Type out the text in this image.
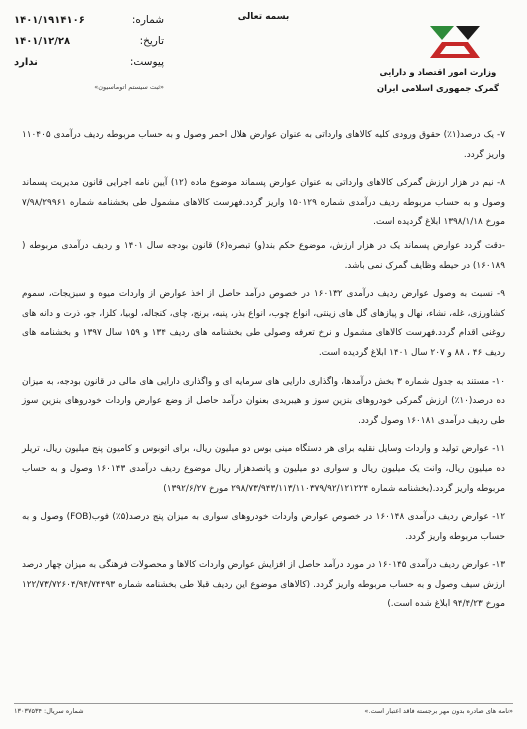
بسمه تعالی
شماره:
۱۴۰۱/۱۹۱۴۱۰۶
تاریخ:
۱۴۰۱/۱۲/۲۸
پیوست:
ندارد
«ثبت سیستم اتوماسیون»
وزارت امور اقتصاد و دارایی
گمرک جمهوری اسلامی ایران

۷- یک درصد(۱٪) حقوق ورودی کلیه کالاهای وارداتی به عنوان عوارض هلال احمر وصول و به حساب مربوطه ردیف درآمدی ۱۱۰۴۰۵ واریز گردد.

۸- نیم در هزار ارزش گمرکی کالاهای وارداتی به عنوان عوارض پسماند موضوع ماده (۱۲) آیین نامه اجرایی قانون مدیریت پسماند وصول و به حساب مربوطه ردیف درآمدی شماره ۱۵۰۱۲۹ واریز گردد.فهرست کالاهای مشمول طی بخشنامه شماره ۷/۹۸/۲۹۹۶۱ مورخ ۱۳۹۸/۱/۱۸ ابلاغ گردیده است.

-دقت گردد عوارض پسماند یک در هزار ارزش، موضوع حکم بند(و) تبصره(۶) قانون بودجه سال ۱۴۰۱ و ردیف درآمدی مربوطه ( ۱۶۰۱۸۹) در حیطه وظایف گمرک نمی باشد.

۹- نسبت به وصول عوارض ردیف درآمدی ۱۶۰۱۳۲ در خصوص درآمد حاصل از اخذ عوارض از واردات میوه و سبزیجات، سموم کشاورزی، غله، نشاء، نهال و پیازهای گل های زینتی، انواع چوب، انواع بذر، پنبه، برنج، چای، کنجاله، لوبیا، کلزا، جو، ذرت و دانه های روغنی اقدام گردد.فهرست کالاهای مشمول و نرخ تعرفه وصولی طی بخشنامه های ردیف ۱۳۴ و ۱۵۹ سال ۱۳۹۷ و بخشنامه های ردیف ۴۶ ، ۸۸ و ۲۰۷ سال ۱۴۰۱ ابلاغ گردیده است.

۱۰- مستند به جدول شماره ۳ بخش درآمدها، واگذاری دارایی های سرمایه ای و واگذاری دارایی های مالی در قانون بودجه، به میزان ده درصد(۱۰٪) ارزش گمرکی خودروهای بنزین سوز و هیبریدی بعنوان درآمد حاصل از وضع عوارض واردات خودروهای بنزین سوز طی ردیف درآمدی ۱۶۰۱۸۱ وصول گردد.

۱۱- عوارض تولید و واردات وسایل نقلیه برای هر دستگاه مینی بوس دو میلیون ریال، برای اتوبوس و کامیون پنج میلیون ریال، تریلر ده میلیون ریال، وانت یک میلیون ریال و سواری دو میلیون و پانصدهزار ریال موضوع ردیف درآمدی ۱۶۰۱۴۳ وصول و به حساب مربوطه واریز گردد.(بخشنامه شماره ۲۹۸/۷۳/۹۴۳/۱۱۳/۱۱۰۳۷۹/۹۲/۱۲۱۲۲۴ مورخ ۱۳۹۲/۶/۲۷)

۱۲- عوارض ردیف درآمدی ۱۶۰۱۴۸ در خصوص عوارض واردات خودروهای سواری به میزان پنج درصد(۵٪) فوب(FOB) وصول و به حساب مربوطه واریز گردد.

۱۳- عوارض ردیف درآمدی ۱۶۰۱۴۵ در مورد درآمد حاصل از افزایش عوارض واردات کالاها و محصولات فرهنگی به میزان چهار درصد ارزش سیف وصول و به حساب مربوطه واریز گردد. (کالاهای موضوع این ردیف قبلا طی بخشنامه شماره ۱۲۲/۷۳/۷۲۶۰۴/۹۴/۷۴۴۹۳ مورخ ۹۴/۴/۲۳ ابلاغ شده است.)

«نامه های صادره بدون مهر برجسته فاقد اعتبار است.»
شماره سریال: ۱۳۰۳۷۵۳۴
